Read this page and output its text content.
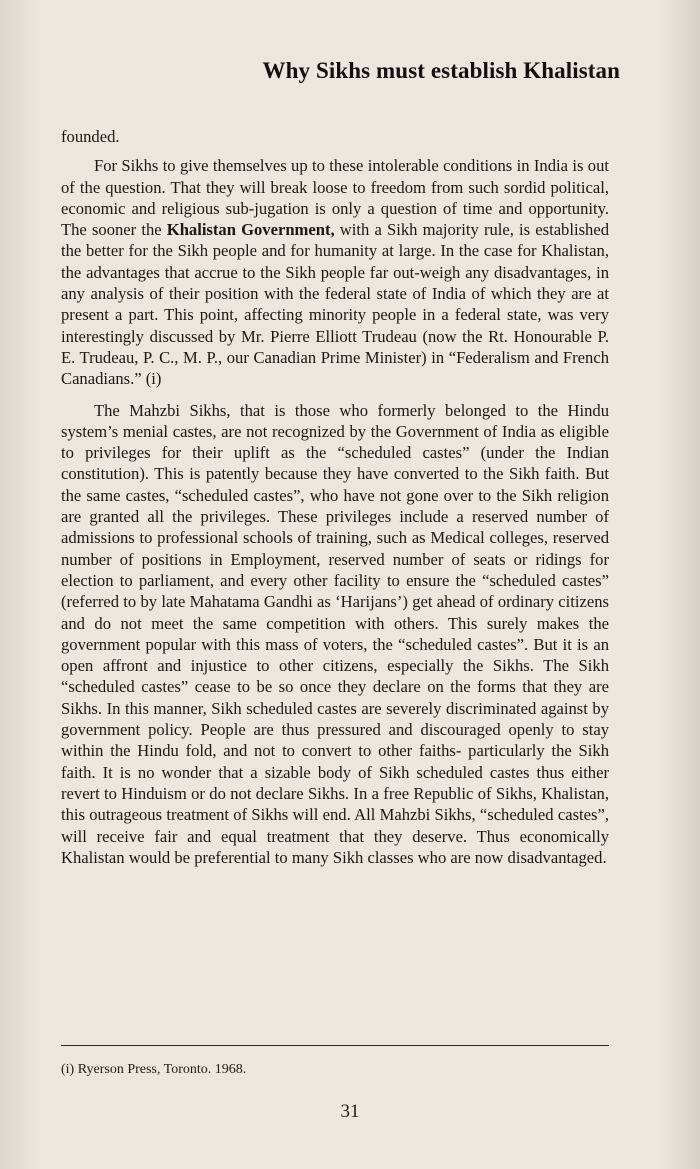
Why Sikhs must establish Khalistan

founded.

For Sikhs to give themselves up to these intolerable conditions in India is out of the question. That they will break loose to freedom from such sordid political, economic and religious sub-jugation is only a question of time and opportunity. The sooner the Khalistan Government, with a Sikh majority rule, is established the better for the Sikh people and for humanity at large. In the case for Khalistan, the advantages that accrue to the Sikh people far out-weigh any disadvantages, in any analysis of their position with the federal state of India of which they are at present a part. This point, affecting minority people in a federal state, was very interestingly discussed by Mr. Pierre Elliott Trudeau (now the Rt. Honourable P. E. Trudeau, P. C., M. P., our Canadian Prime Minister) in “Federalism and French Canadians.” (i)

The Mahzbi Sikhs, that is those who formerly belonged to the Hindu system’s menial castes, are not recognized by the Government of India as eligible to privileges for their uplift as the “scheduled castes” (under the Indian constitution). This is patently because they have converted to the Sikh faith. But the same castes, “scheduled castes”, who have not gone over to the Sikh religion are granted all the privileges. These privileges include a reserved number of admissions to professional schools of training, such as Medical colleges, reserved number of positions in Employment, reserved number of seats or ridings for election to parliament, and every other facility to ensure the “scheduled castes” (referred to by late Mahatama Gandhi as ‘Harijans’) get ahead of ordinary citizens and do not meet the same competition with others. This surely makes the government popular with this mass of voters, the “scheduled castes”. But it is an open affront and injustice to other citizens, especially the Sikhs. The Sikh “scheduled castes” cease to be so once they declare on the forms that they are Sikhs. In this manner, Sikh scheduled castes are severely discriminated against by government policy. People are thus pressured and discouraged openly to stay within the Hindu fold, and not to convert to other faiths- particularly the Sikh faith. It is no wonder that a sizable body of Sikh scheduled castes thus either revert to Hinduism or do not declare Sikhs. In a free Republic of Sikhs, Khalistan, this outrageous treatment of Sikhs will end. All Mahzbi Sikhs, “scheduled castes”, will receive fair and equal treatment that they deserve. Thus economically Khalistan would be preferential to many Sikh classes who are now disadvantaged.

(i) Ryerson Press, Toronto. 1968.
31
